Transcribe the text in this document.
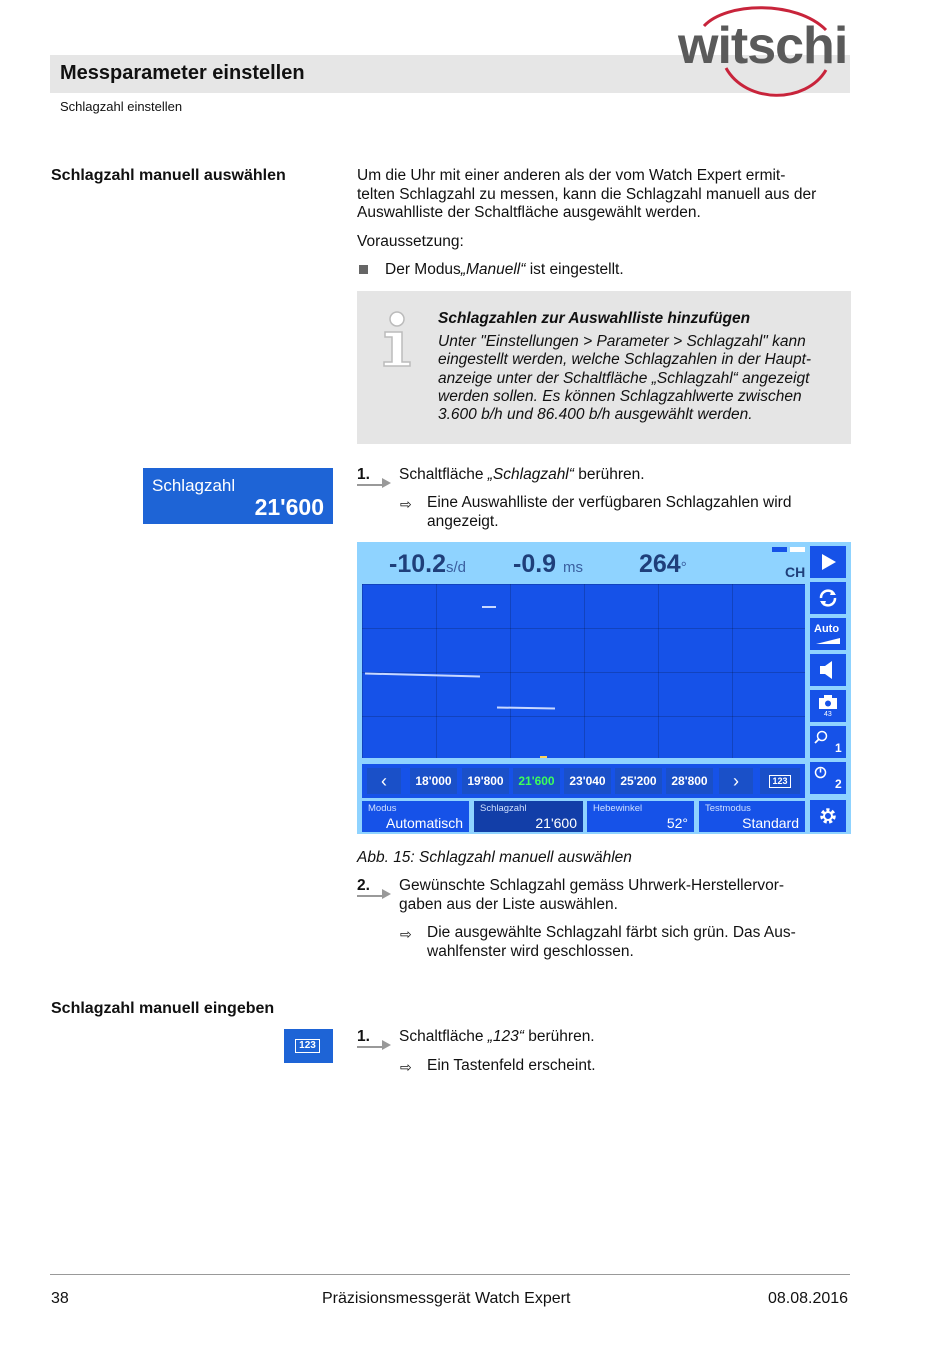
Messparameter einstellen
Schlagzahl einstellen
witschi
Schlagzahl manuell auswählen	Um die Uhr mit einer anderen als der vom Watch Expert ermit-
telten Schlagzahl zu messen, kann die Schlagzahl manuell aus der
Auswahlliste der Schaltfläche ausgewählt werden.
Voraussetzung:
Der Modus„Manuell“ ist eingestellt.
Schlagzahlen zur Auswahlliste hinzufügen
Unter "Einstellungen > Parameter > Schlagzahl" kann
eingestellt werden, welche Schlagzahlen in der Haupt-
anzeige unter der Schaltfläche „Schlagzahl“ angezeigt
werden sollen. Es können Schlagzahlwerte zwischen
3.600 b/h und 86.400 b/h ausgewählt werden.
Schlagzahl
21'600
1. Schaltfläche „Schlagzahl“ berühren.
⇨ Eine Auswahlliste der verfügbaren Schlagzahlen wird
angezeigt.
-10.2s/d -0.9 ms 264°	CH
Auto
43
1
2
‹	18'000	19'800	21'600	23'040	25'200	28'800	›	123
Modus
Automatisch
Schlagzahl
21'600
Hebewinkel
52°
Testmodus
Standard
Abb. 15: Schlagzahl manuell auswählen
2. Gewünschte Schlagzahl gemäss Uhrwerk-Herstellervor-
gaben aus der Liste auswählen.
⇨ Die ausgewählte Schlagzahl färbt sich grün. Das Aus-
wahlfenster wird geschlossen.
Schlagzahl manuell eingeben
123
1. Schaltfläche „123“ berühren.
⇨ Ein Tastenfeld erscheint.
38	Präzisionsmessgerät Watch Expert	08.08.2016
